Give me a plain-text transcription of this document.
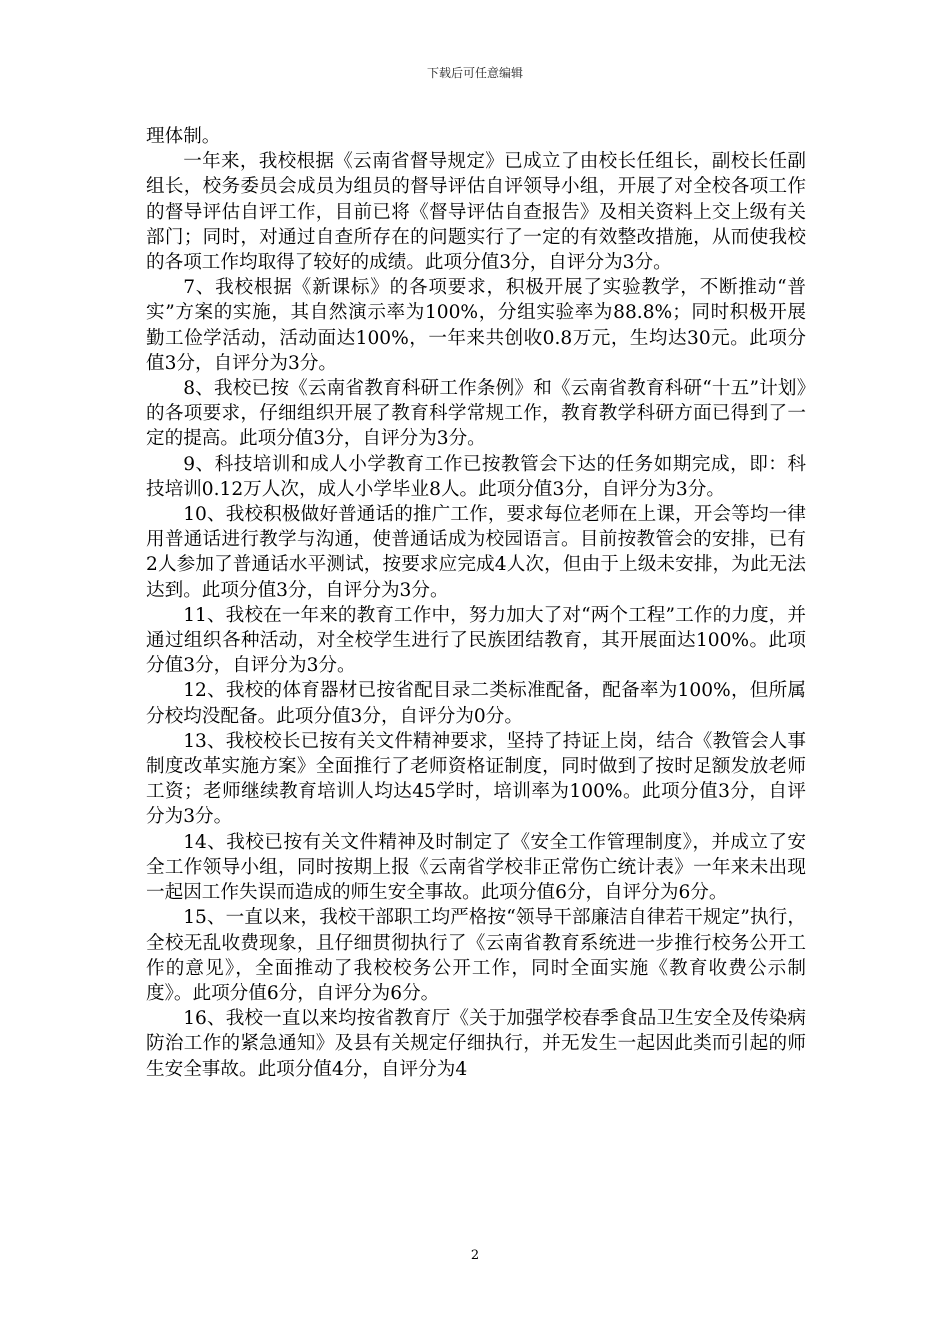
下载后可任意编辑

理体制。

一年来，我校根据《云南省督导规定》已成立了由校长任组长，副校长任副组长，校务委员会成员为组员的督导评估自评领导小组，开展了对全校各项工作的督导评估自评工作，目前已将《督导评估自查报告》及相关资料上交上级有关部门；同时，对通过自查所存在的问题实行了一定的有效整改措施，从而使我校的各项工作均取得了较好的成绩。此项分值3分，自评分为3分。

7、我校根据《新课标》的各项要求，积极开展了实验教学，不断推动“普实”方案的实施，其自然演示率为100%，分组实验率为88.8%；同时积极开展勤工俭学活动，活动面达100%，一年来共创收0.8万元，生均达30元。此项分值3分，自评分为3分。

8、我校已按《云南省教育科研工作条例》和《云南省教育科研“十五”计划》的各项要求，仔细组织开展了教育科学常规工作，教育教学科研方面已得到了一定的提高。此项分值3分，自评分为3分。

9、科技培训和成人小学教育工作已按教管会下达的任务如期完成，即：科技培训0.12万人次，成人小学毕业8人。此项分值3分，自评分为3分。

10、我校积极做好普通话的推广工作，要求每位老师在上课，开会等均一律用普通话进行教学与沟通，使普通话成为校园语言。目前按教管会的安排，已有2人参加了普通话水平测试，按要求应完成4人次，但由于上级未安排，为此无法达到。此项分值3分，自评分为3分。

11、我校在一年来的教育工作中，努力加大了对“两个工程”工作的力度，并通过组织各种活动，对全校学生进行了民族团结教育，其开展面达100%。此项分值3分，自评分为3分。

12、我校的体育器材已按省配目录二类标准配备，配备率为100%，但所属分校均没配备。此项分值3分，自评分为0分。

13、我校校长已按有关文件精神要求，坚持了持证上岗，结合《教管会人事制度改革实施方案》全面推行了老师资格证制度，同时做到了按时足额发放老师工资；老师继续教育培训人均达45学时，培训率为100%。此项分值3分，自评分为3分。

14、我校已按有关文件精神及时制定了《安全工作管理制度》，并成立了安全工作领导小组，同时按期上报《云南省学校非正常伤亡统计表》一年来未出现一起因工作失误而造成的师生安全事故。此项分值6分，自评分为6分。

15、一直以来，我校干部职工均严格按“领导干部廉洁自律若干规定”执行，全校无乱收费现象，且仔细贯彻执行了《云南省教育系统进一步推行校务公开工作的意见》，全面推动了我校校务公开工作，同时全面实施《教育收费公示制度》。此项分值6分，自评分为6分。

16、我校一直以来均按省教育厅《关于加强学校春季食品卫生安全及传染病防治工作的紧急通知》及县有关规定仔细执行，并无发生一起因此类而引起的师生安全事故。此项分值4分，自评分为4

2
